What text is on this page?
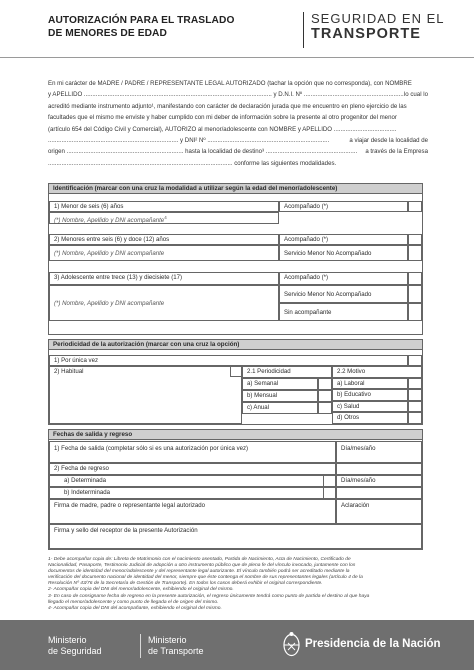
AUTORIZACIÓN PARA EL TRASLADO
DE MENORES DE EDAD
SEGURIDAD EN EL
TRANSPORTE
En mi carácter de MADRE / PADRE / REPRESENTANTE LEGAL AUTORIZADO (tachar la opción que no corresponda), con NOMBRE
y APELLIDO ............................................................................................................... y D.N.I. Nº ........................................................... lo cual lo
acreditó mediante instrumento adjunto¹, manifestando con carácter de declaración jurada que me encuentro en pleno ejercicio de las
facultades que el mismo me enviste y haber cumplido con mi deber de información sobre la presente al otro progenitor del menor
(artículo 654 del Código Civil y Comercial), AUTORIZO al menor/adolescente con NOMBRE y APELLIDO .....................................
............................................................................. y DNI² Nº ........................................................................	a viajar desde la localidad de
origen ..................................................................... hasta la localidad de destino³ ...................................................... a través de la Empresa
............................................................................................................. conforme las siguientes modalidades.
Identificación (marcar con una cruz la modalidad a utilizar según la edad del menor/adolescente)
1) Menor de seis (6) años	Acompañado (*)
(*) Nombre, Apellido y DNI acompañante$^4$
2) Menores entre seis (6) y doce (12) años	Acompañado (*)
(*) Nombre, Apellido y DNI acompañante	Servicio Menor No Acompañado
3) Adolescente entre trece (13) y diecisiete (17)	Acompañado (*)
(*) Nombre, Apellido y DNI acompañante
Servicio Menor No Acompañado
Sin acompañante
Periodicidad de la autorización (marcar con una cruz la opción)
1) Por única vez
2) Habitual	2.1 Periodicidad
a) Semanal
b) Mensual
c) Anual
2.2 Motivo
a) Laboral
b) Educativo
c) Salud
d) Otros
Fechas de salida y regreso
1) Fecha de salida (completar sólo si es una autorización por única vez)	Día/mes/año
2) Fecha de regreso
a) Determinada	Día/mes/año
b) Indeterminada
Firma de madre, padre o representante legal autorizado	Aclaración
Firma y sello del receptor de la presente Autorización

1- Debe acompañar copia de: Libreta de Matrimonio con el nacimiento asentado, Partida de Nacimiento, Acta de Nacimiento, Certificado de

Nacionalidad, Pasaporte, Testimonio Judicial de adopción u otro instrumento público que de plena fe del vínculo invocado, juntamente con los

documentos de identidad del menor/adolescente y del representante legal autorizante. El vínculo también podrá ser acreditado mediante la

verificación del documento nacional de identidad del menor, siempre que éste contenga el nombre de sus representantes legales (artículo 4 de la

Resolución Nº 43/76 de la Secretaría de Gestión de Transporte). En todos los casos deberá exhibir el original correspondiente.

2- Acompañar copia del DNI del menor/adolescente, exhibiendo el original del mismo.

3- En caso de consignarse fecha de regreso en la presente autorización, el regreso únicamente tendrá como punto de partida el destino al que haya

llegado el menor/adolescente y como punto de llegada el de origen del mismo.

4- Acompañar copia del DNI del acompañante, exhibiendo el original del mismo.

Ministerio
de Seguridad
Ministerio
de Transporte
Presidencia de la Nación
